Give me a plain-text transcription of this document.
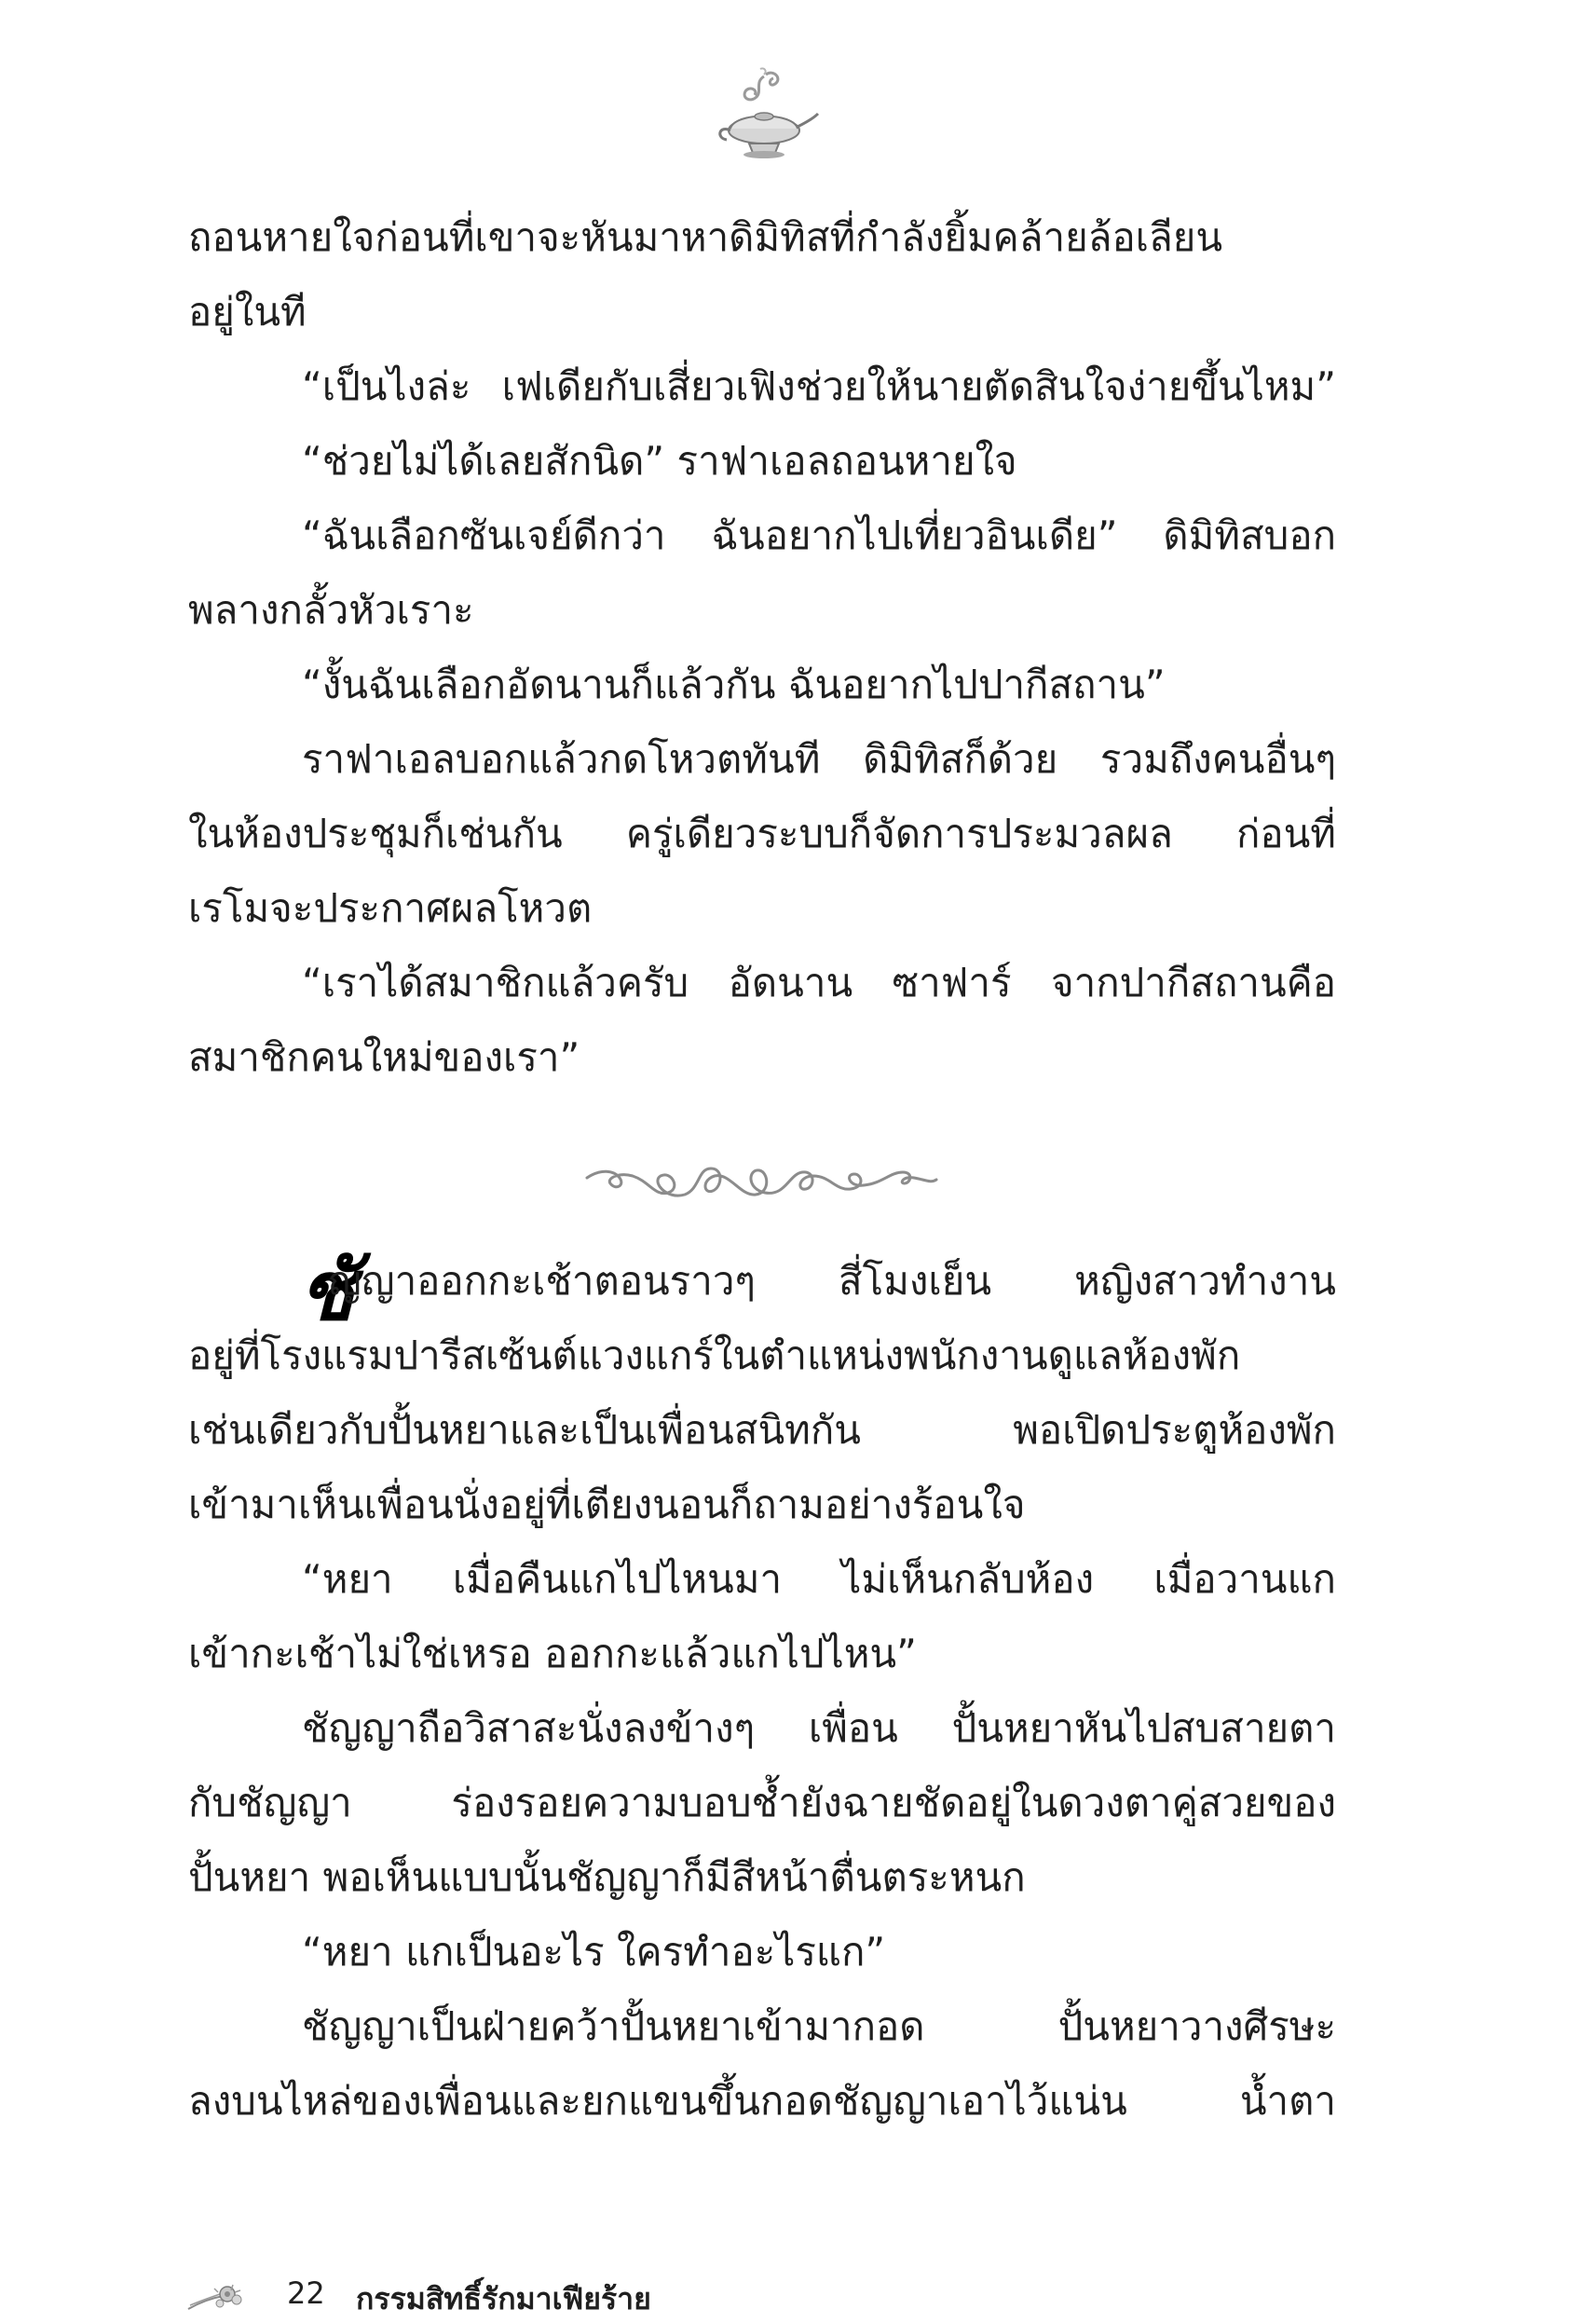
ถอนหายใจก่อนที่เขาจะหันมาหาดิมิทิสที่กำลังยิ้มคล้ายล้อเลียน
อยู่ในที
“เป็นไงล่ะ เฟเดียกับเสี่ยวเฟิงช่วยให้นายตัดสินใจง่ายขึ้นไหม”
“ช่วยไม่ได้เลยสักนิด” ราฟาเอลถอนหายใจ
“ฉันเลือกซันเจย์ดีกว่า ฉันอยากไปเที่ยวอินเดีย” ดิมิทิสบอก
พลางกลั้วหัวเราะ
“งั้นฉันเลือกอัดนานก็แล้วกัน ฉันอยากไปปากีสถาน”
ราฟาเอลบอกแล้วกดโหวตทันที ดิมิทิสก็ด้วย รวมถึงคนอื่นๆ
ในห้องประชุมก็เช่นกัน ครู่เดียวระบบก็จัดการประมวลผล ก่อนที่
เรโมจะประกาศผลโหวต
“เราได้สมาชิกแล้วครับ อัดนาน ซาฟาร์ จากปากีสถานคือ
สมาชิกคนใหม่ของเรา”
ชั
ญญาออกกะเช้าตอนราวๆ สี่โมงเย็น หญิงสาวทำงาน
อยู่ที่โรงแรมปารีสเซ้นต์แวงแกร์ในตำแหน่งพนักงานดูแลห้องพัก
เช่นเดียวกับปั้นหยาและเป็นเพื่อนสนิทกัน พอเปิดประตูห้องพัก
เข้ามาเห็นเพื่อนนั่งอยู่ที่เตียงนอนก็ถามอย่างร้อนใจ
“หยา เมื่อคืนแกไปไหนมา ไม่เห็นกลับห้อง เมื่อวานแก
เข้ากะเช้าไม่ใช่เหรอ ออกกะแล้วแกไปไหน”
ชัญญาถือวิสาสะนั่งลงข้างๆ เพื่อน ปั้นหยาหันไปสบสายตา
กับชัญญา ร่องรอยความบอบช้ำยังฉายชัดอยู่ในดวงตาคู่สวยของ
ปั้นหยา พอเห็นแบบนั้นชัญญาก็มีสีหน้าตื่นตระหนก
“หยา แกเป็นอะไร ใครทำอะไรแก”
ชัญญาเป็นฝ่ายคว้าปั้นหยาเข้ามากอด ปั้นหยาวางศีรษะ
ลงบนไหล่ของเพื่อนและยกแขนขึ้นกอดชัญญาเอาไว้แน่น น้ำตา
22 กรรมสิทธิ์รักมาเฟียร้าย
